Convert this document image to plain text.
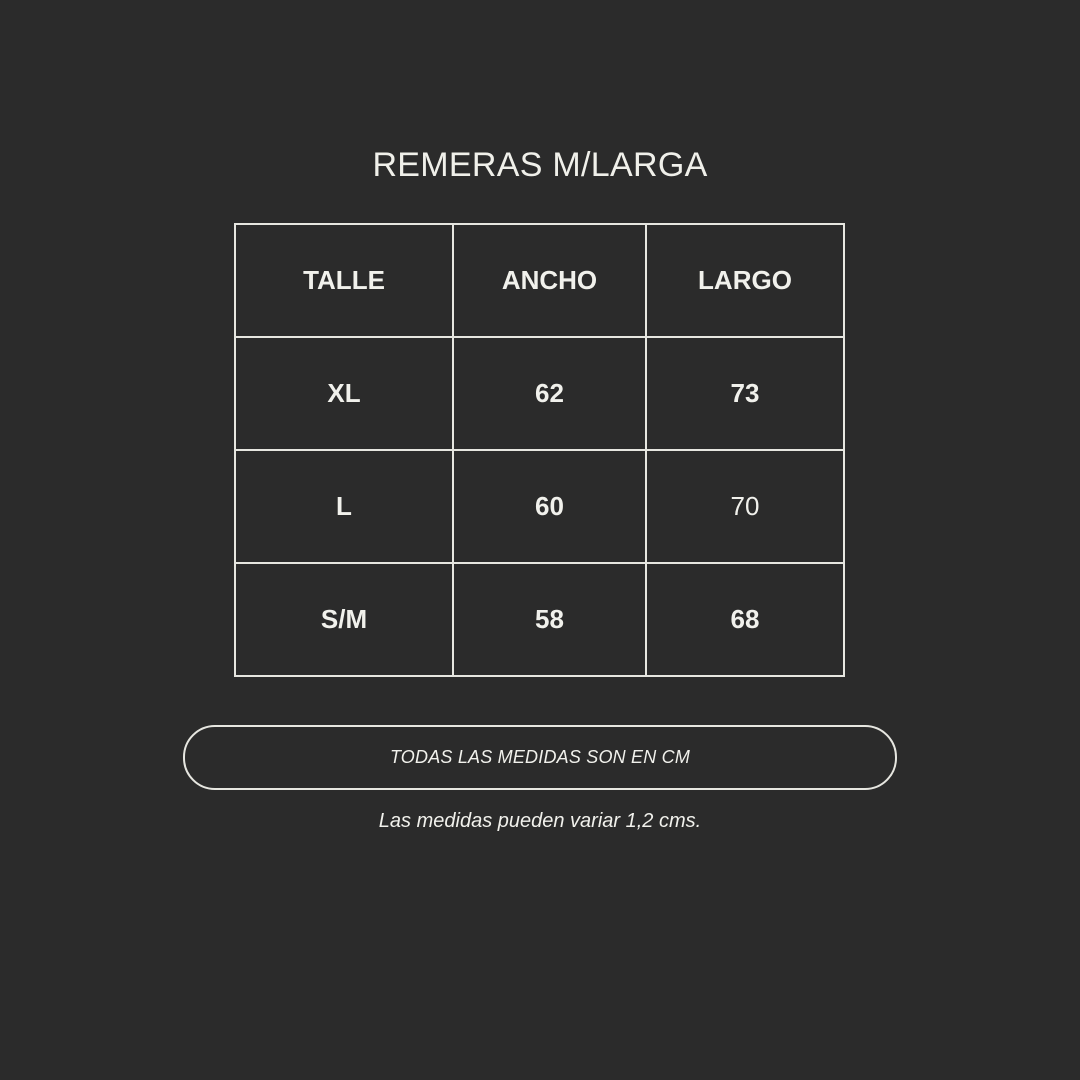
REMERAS M/LARGA
TALLE	ANCHO	LARGO
XL	62	73
L	60	70
S/M	58	68
TODAS LAS MEDIDAS SON EN CM
Las medidas pueden variar 1,2 cms.
